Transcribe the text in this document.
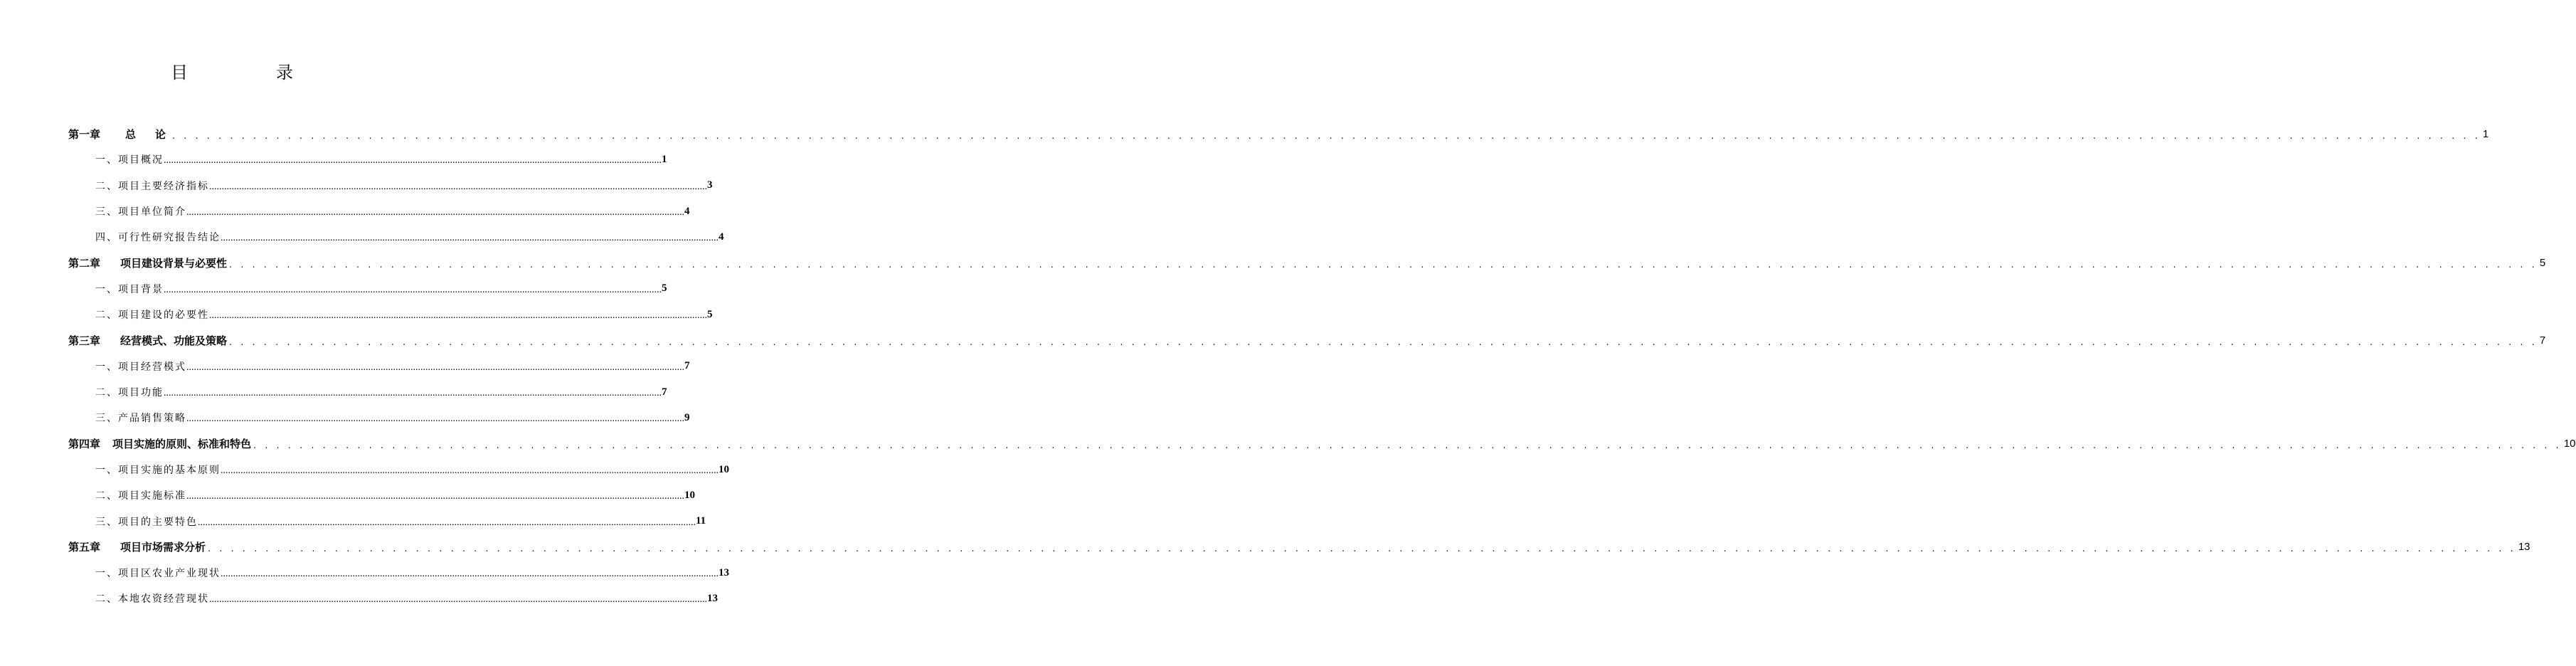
目　录
第一章 总　论 . . . . . . . . . . . . . . . . . . . . . . . . . . . . . . . . . . . . . . . . . . . . . . . . . . . . . . . . . . . . . . . . . . . . . . . . . . . . . . . . . . . . . . . . . . . . . . . . . . . . . . . . . . . . . . . . . . . . . . . . . . . . . . . . . . . . . . . . . . . . . . . . . . . . . . . . . . . . . . . . . . . . . . . . . . . . . . . . . . . . . . . . . . . . . . . . . . . . . . . . 1
一、项目概况 ........................................................................................................................................................................................................ 1
二、项目主要经济指标 ........................................................................................................................................................................................................ 3
三、项目单位简介 ........................................................................................................................................................................................................ 4
四、可行性研究报告结论 ........................................................................................................................................................................................................ 4
第二章 项目建设背景与必要性 . . . . . . . . . . . . . . . . . . . . . . . . . . . . . . . . . . . . . . . . . . . . . . . . . . . . . . . . . . . . . . . . . . . . . . . . . . . . . . . . . . . . . . . . . . . . . . . . . . . . . . . . . . . . . . . . . . . . . . . . . . . . . . . . . . . . . . . . . . . . . . . . . . . . . . . . . . . . . . . . . . . . . . . . . . . . . . . . . . . . . . . . . . . . . . . . . . . . . . . . 5
一、项目背景 ........................................................................................................................................................................................................ 5
二、项目建设的必要性 ........................................................................................................................................................................................................ 5
第三章 经营模式、功能及策略 . . . . . . . . . . . . . . . . . . . . . . . . . . . . . . . . . . . . . . . . . . . . . . . . . . . . . . . . . . . . . . . . . . . . . . . . . . . . . . . . . . . . . . . . . . . . . . . . . . . . . . . . . . . . . . . . . . . . . . . . . . . . . . . . . . . . . . . . . . . . . . . . . . . . . . . . . . . . . . . . . . . . . . . . . . . . . . . . . . . . . . . . . . . . . . . . . . . . . . . . 7
一、项目经营模式 ........................................................................................................................................................................................................ 7
二、项目功能 ........................................................................................................................................................................................................ 7
三、产品销售策略 ........................................................................................................................................................................................................ 9
第四章 项目实施的原则、标准和特色 . . . . . . . . . . . . . . . . . . . . . . . . . . . . . . . . . . . . . . . . . . . . . . . . . . . . . . . . . . . . . . . . . . . . . . . . . . . . . . . . . . . . . . . . . . . . . . . . . . . . . . . . . . . . . . . . . . . . . . . . . . . . . . . . . . . . . . . . . . . . . . . . . . . . . . . . . . . . . . . . . . . . . . . . . . . . . . . . . . . . . . . . . . . . . . . . . . . . . . . . 10
一、项目实施的基本原则 ........................................................................................................................................................................................................ 10
二、项目实施标准 ........................................................................................................................................................................................................ 10
三、项目的主要特色 ........................................................................................................................................................................................................ 11
第五章 项目市场需求分析 . . . . . . . . . . . . . . . . . . . . . . . . . . . . . . . . . . . . . . . . . . . . . . . . . . . . . . . . . . . . . . . . . . . . . . . . . . . . . . . . . . . . . . . . . . . . . . . . . . . . . . . . . . . . . . . . . . . . . . . . . . . . . . . . . . . . . . . . . . . . . . . . . . . . . . . . . . . . . . . . . . . . . . . . . . . . . . . . . . . . . . . . . . . . . . . . . . . . . . . . 13
一、项目区农业产业现状 ........................................................................................................................................................................................................ 13
二、本地农资经营现状 ........................................................................................................................................................................................................ 13
